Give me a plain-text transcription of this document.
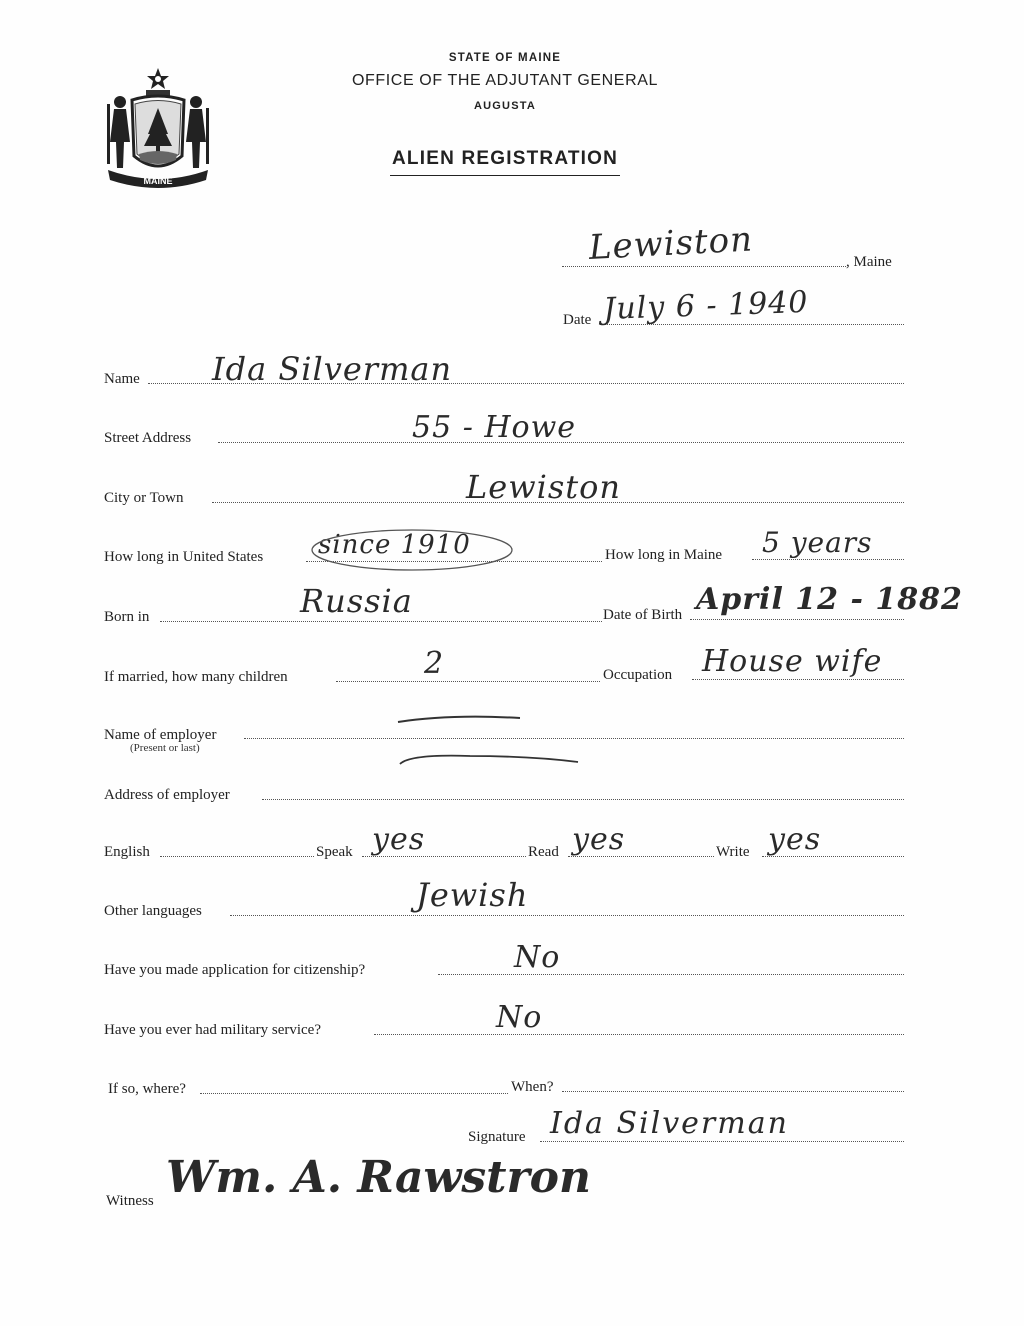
MAINE
STATE OF MAINE
OFFICE OF THE ADJUTANT GENERAL
AUGUSTA
ALIEN REGISTRATION
, Maine
Lewiston
Date July 6 - 1940
Name Ida Silverman
Street Address	55 - Howe
City or Town	Lewiston
How long in United States since 1910	How long in Maine 5 years
Born in	Russia	Date of Birth April 12 - 1882
If married, how many children	2	Occupation House wife
Name of employer
(Present or last)
Address of employer
English	Speak yes	Read yes	Write yes
Other languages	Jewish
Have you made application for citizenship?	No
Have you ever had military service?	No
If so, where?	When?
Signature Ida Silverman
Witness Wm. A. Rawstron
